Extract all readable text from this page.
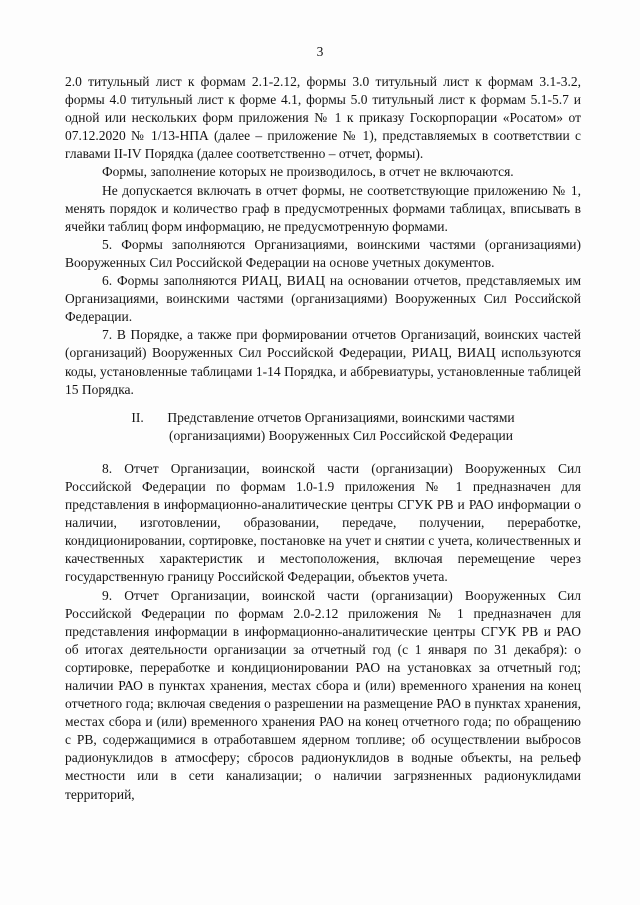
3

2.0 титульный лист к формам 2.1-2.12, формы 3.0 титульный лист к формам 3.1-3.2, формы 4.0 титульный лист к форме 4.1, формы 5.0 титульный лист к формам 5.1-5.7 и одной или нескольких форм приложения № 1 к приказу Госкорпорации «Росатом» от 07.12.2020 № 1/13-НПА (далее – приложение № 1), представляемых в соответствии с главами II-IV Порядка (далее соответственно – отчет, формы).

Формы, заполнение которых не производилось, в отчет не включаются.

Не допускается включать в отчет формы, не соответствующие приложению № 1, менять порядок и количество граф в предусмотренных формами таблицах, вписывать в ячейки таблиц форм информацию, не предусмотренную формами.

5. Формы заполняются Организациями, воинскими частями (организациями) Вооруженных Сил Российской Федерации на основе учетных документов.

6. Формы заполняются РИАЦ, ВИАЦ на основании отчетов, представляемых им Организациями, воинскими частями (организациями) Вооруженных Сил Российской Федерации.

7. В Порядке, а также при формировании отчетов Организаций, воинских частей (организаций) Вооруженных Сил Российской Федерации, РИАЦ, ВИАЦ используются коды, установленные таблицами 1-14 Порядка, и аббревиатуры, установленные таблицей 15 Порядка.

II.	Представление отчетов Организациями, воинскими частями
(организациями) Вооруженных Сил Российской Федерации

8. Отчет Организации, воинской части (организации) Вооруженных Сил Российской Федерации по формам 1.0-1.9 приложения № 1 предназначен для представления в информационно-аналитические центры СГУК РВ и РАО информации о наличии, изготовлении, образовании, передаче, получении, переработке, кондиционировании, сортировке, постановке на учет и снятии с учета, количественных и качественных характеристик и местоположения, включая перемещение через государственную границу Российской Федерации, объектов учета.

9. Отчет Организации, воинской части (организации) Вооруженных Сил Российской Федерации по формам 2.0-2.12 приложения № 1 предназначен для представления информации в информационно-аналитические центры СГУК РВ и РАО об итогах деятельности организации за отчетный год (с 1 января по 31 декабря): о сортировке, переработке и кондиционировании РАО на установках за отчетный год; наличии РАО в пунктах хранения, местах сбора и (или) временного хранения на конец отчетного года; включая сведения о разрешении на размещение РАО в пунктах хранения, местах сбора и (или) временного хранения РАО на конец отчетного года; по обращению с РВ, содержащимися в отработавшем ядерном топливе; об осуществлении выбросов радионуклидов в атмосферу; сбросов радионуклидов в водные объекты, на рельеф местности или в сети канализации; о наличии загрязненных радионуклидами территорий,
